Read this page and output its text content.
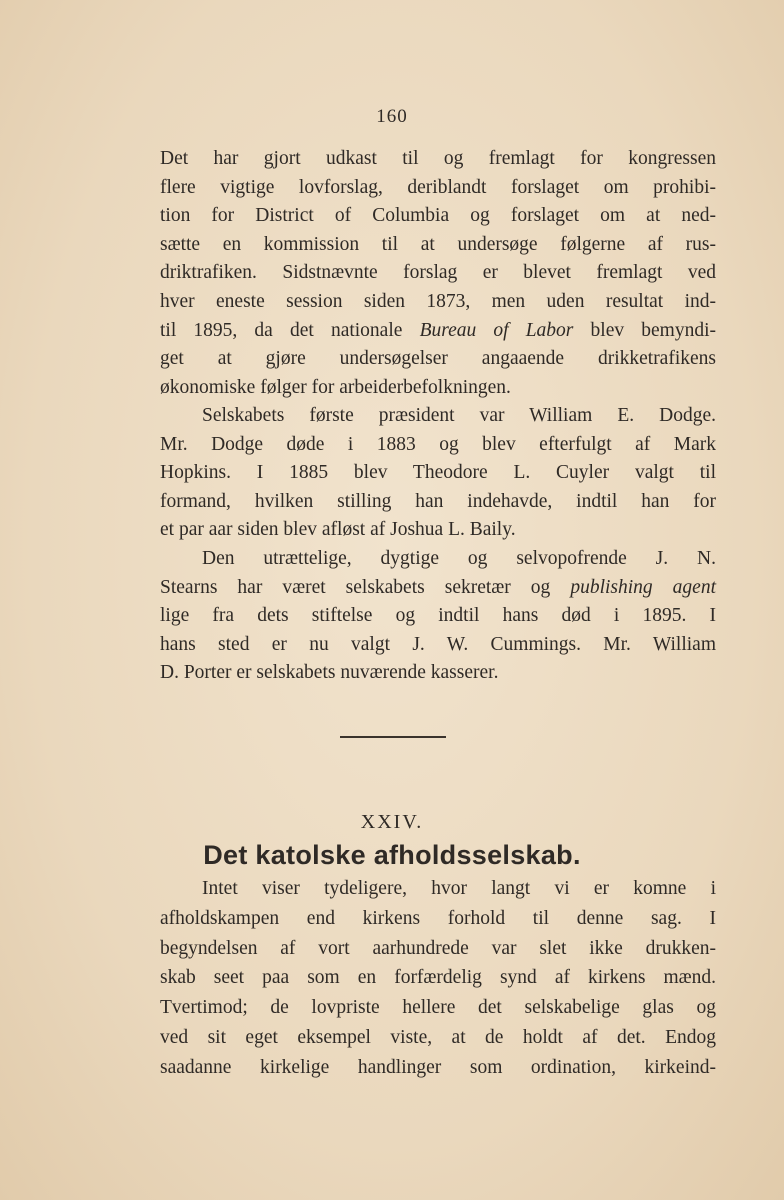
160
Det har gjort udkast til og fremlagt for kongressen
flere vigtige lovforslag, deriblandt forslaget om prohibi-
tion for District of Columbia og forslaget om at ned-
sætte en kommission til at undersøge følgerne af rus-
driktrafiken. Sidstnævnte forslag er blevet fremlagt ved
hver eneste session siden 1873, men uden resultat ind-
til 1895, da det nationale Bureau of Labor blev bemyndi-
get at gjøre undersøgelser angaaende drikketrafikens
økonomiske følger for arbeiderbefolkningen.
Selskabets første præsident var William E. Dodge.
Mr. Dodge døde i 1883 og blev efterfulgt af Mark
Hopkins. I 1885 blev Theodore L. Cuyler valgt til
formand, hvilken stilling han indehavde, indtil han for
et par aar siden blev afløst af Joshua L. Baily.
Den utrættelige, dygtige og selvopofrende J. N.
Stearns har været selskabets sekretær og publishing agent
lige fra dets stiftelse og indtil hans død i 1895. I
hans sted er nu valgt J. W. Cummings. Mr. William
D. Porter er selskabets nuværende kasserer.
XXIV.
Det katolske afholdsselskab.
Intet viser tydeligere, hvor langt vi er komne i
afholdskampen end kirkens forhold til denne sag. I
begyndelsen af vort aarhundrede var slet ikke drukken-
skab seet paa som en forfærdelig synd af kirkens mænd.
Tvertimod; de lovpriste hellere det selskabelige glas og
ved sit eget eksempel viste, at de holdt af det. Endog
saadanne kirkelige handlinger som ordination, kirkeind-
